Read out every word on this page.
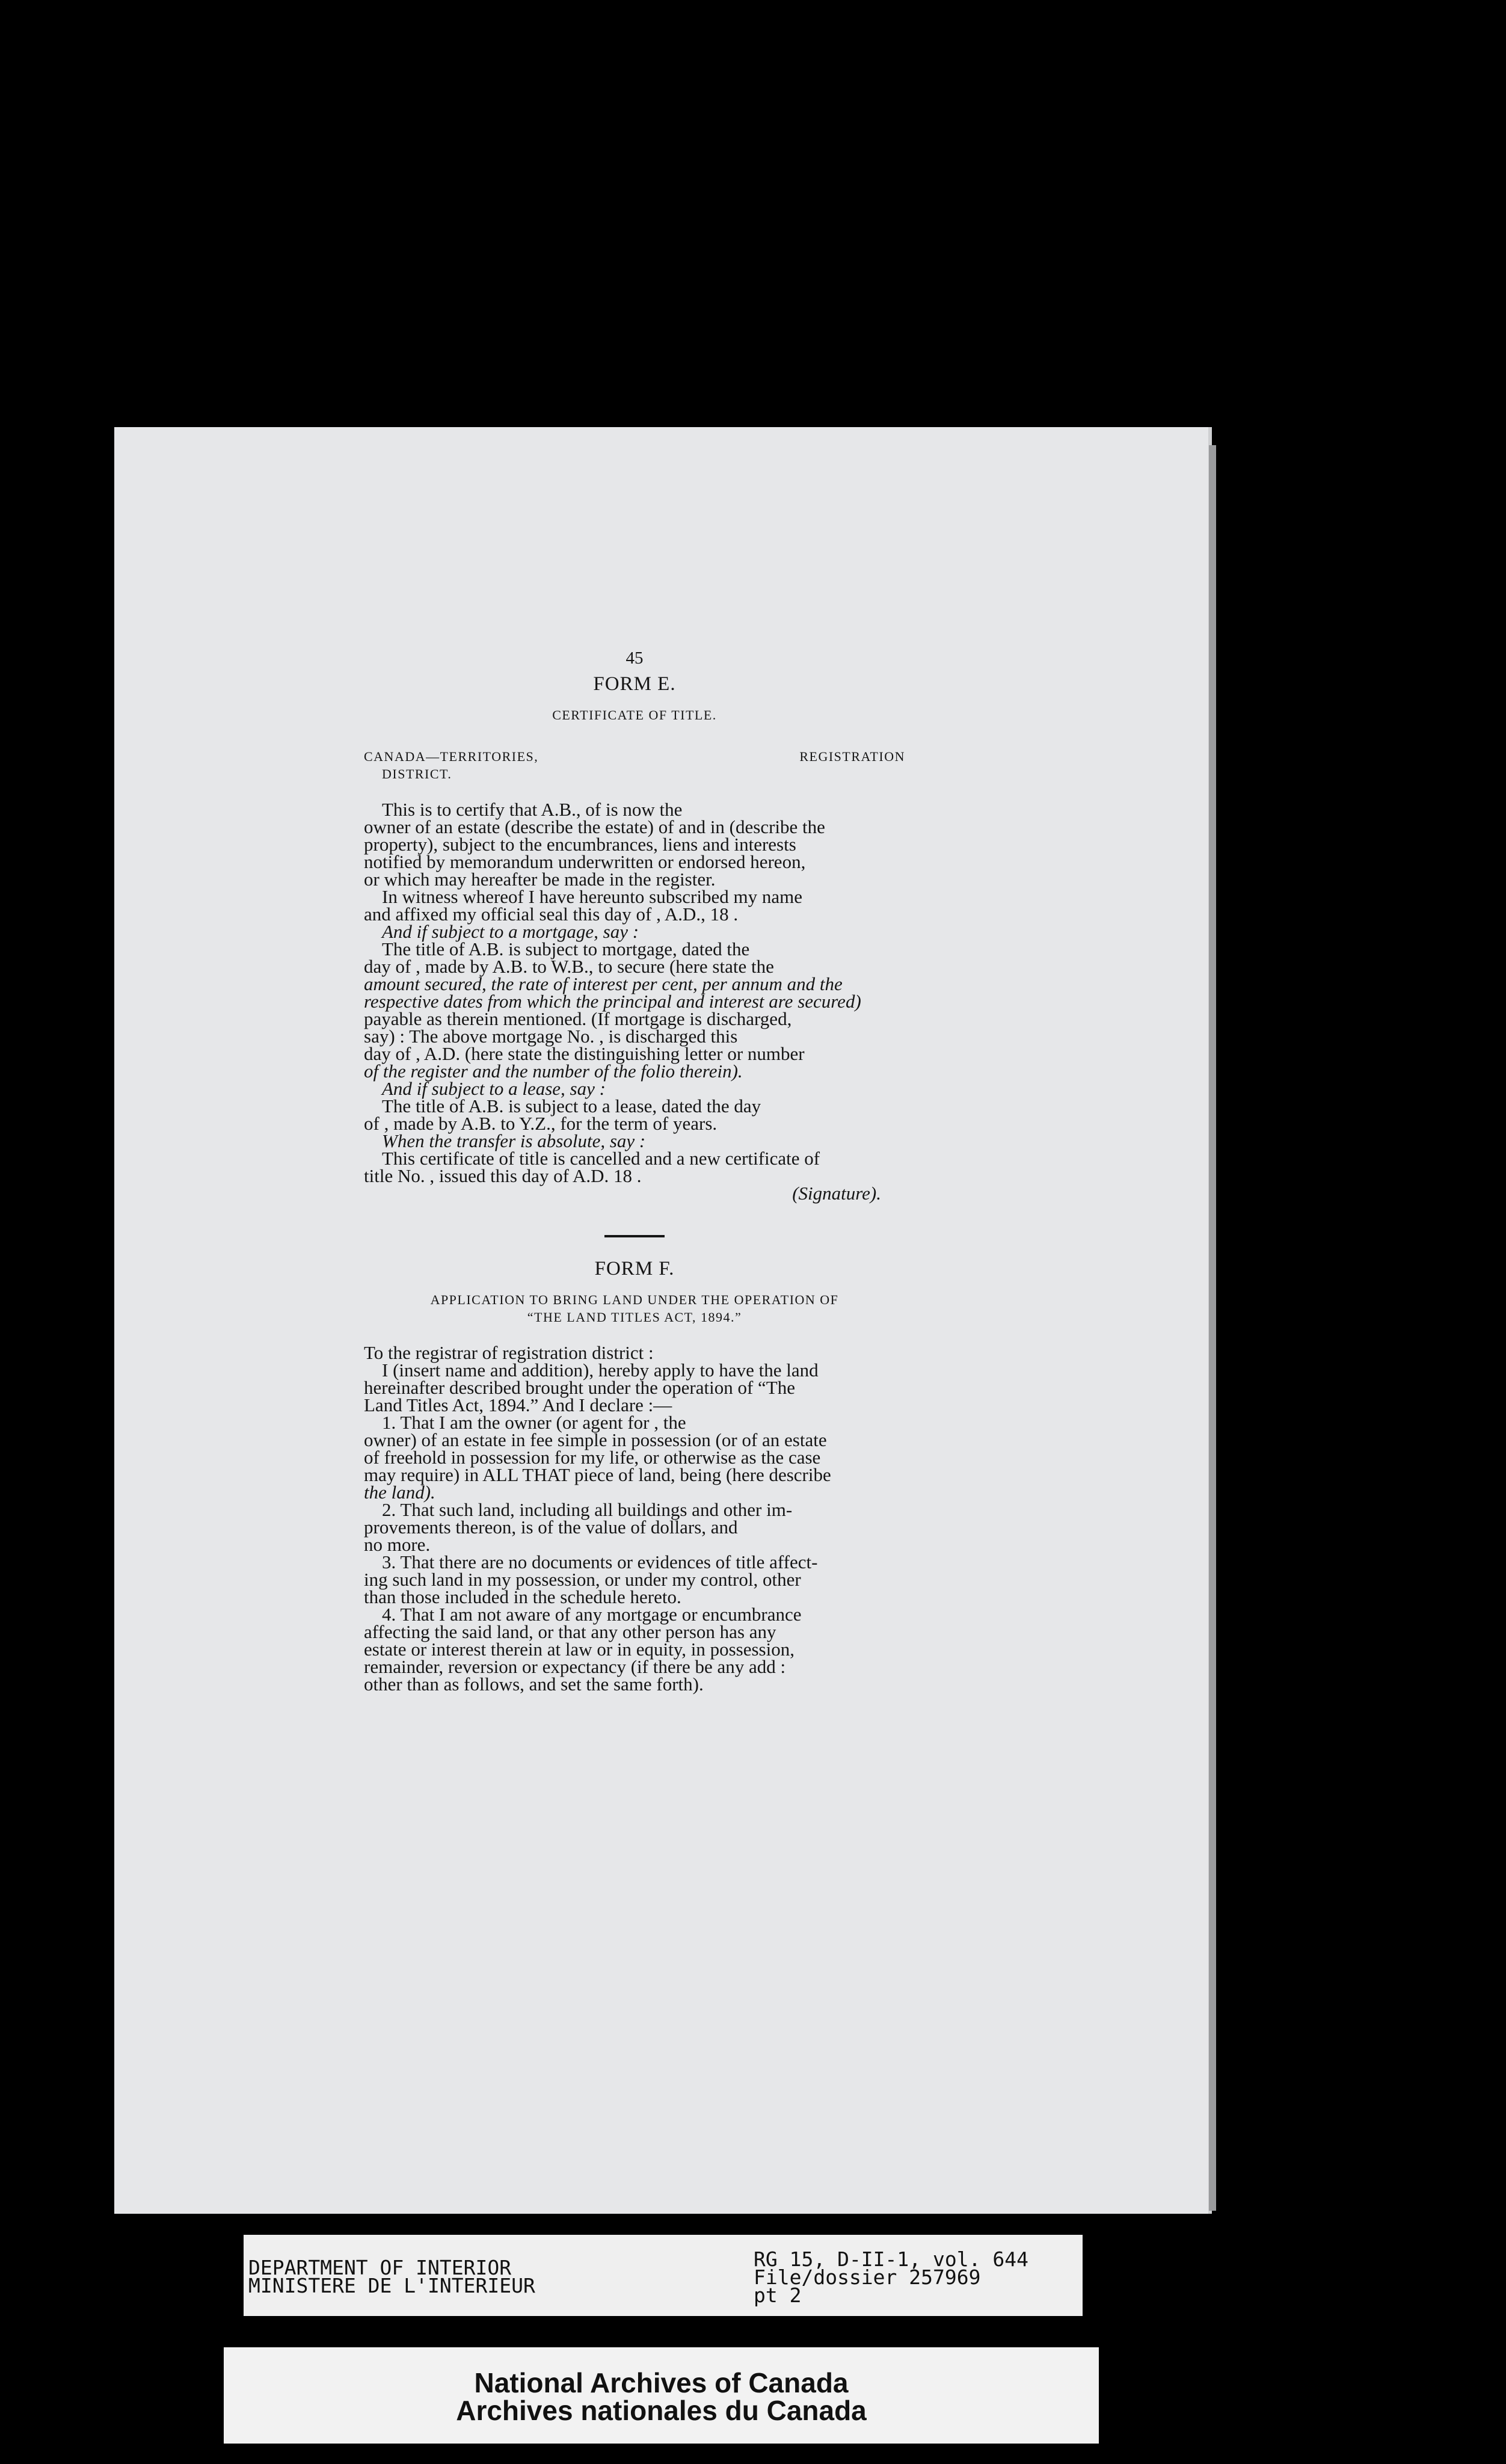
45
FORM E.
CERTIFICATE OF TITLE.
CANADA—TERRITORIES,	REGISTRATION
DISTRICT.

This is to certify that A.B., of is now the

owner of an estate (describe the estate) of and in (describe the

property), subject to the encumbrances, liens and interests

notified by memorandum underwritten or endorsed hereon,

or which may hereafter be made in the register.

In witness whereof I have hereunto subscribed my name

and affixed my official seal this day of , A.D., 18 .

And if subject to a mortgage, say :

The title of A.B. is subject to mortgage, dated the

day of , made by A.B. to W.B., to secure (here state the

amount secured, the rate of interest per cent, per annum and the

respective dates from which the principal and interest are secured)

payable as therein mentioned. (If mortgage is discharged,

say) : The above mortgage No. , is discharged this

day of , A.D. (here state the distinguishing letter or number

of the register and the number of the folio therein).

And if subject to a lease, say :

The title of A.B. is subject to a lease, dated the day

of , made by A.B. to Y.Z., for the term of years.

When the transfer is absolute, say :

This certificate of title is cancelled and a new certificate of

title No. , issued this day of A.D. 18 .

(Signature).
FORM F.
APPLICATION TO BRING LAND UNDER THE OPERATION OF
“THE LAND TITLES ACT, 1894.”

To the registrar of registration district :

I (insert name and addition), hereby apply to have the land

hereinafter described brought under the operation of “The

Land Titles Act, 1894.” And I declare :—

1. That I am the owner (or agent for , the

owner) of an estate in fee simple in possession (or of an estate

of freehold in possession for my life, or otherwise as the case

may require) in ALL THAT piece of land, being (here describe

the land).

2. That such land, including all buildings and other im-

provements thereon, is of the value of dollars, and

no more.

3. That there are no documents or evidences of title affect-

ing such land in my possession, or under my control, other

than those included in the schedule hereto.

4. That I am not aware of any mortgage or encumbrance

affecting the said land, or that any other person has any

estate or interest therein at law or in equity, in possession,

remainder, reversion or expectancy (if there be any add :

other than as follows, and set the same forth).

DEPARTMENT OF INTERIOR
MINISTERE DE L'INTERIEUR
RG 15, D-II-1, vol. 644
File/dossier 257969
pt 2
National Archives of Canada
Archives nationales du Canada
